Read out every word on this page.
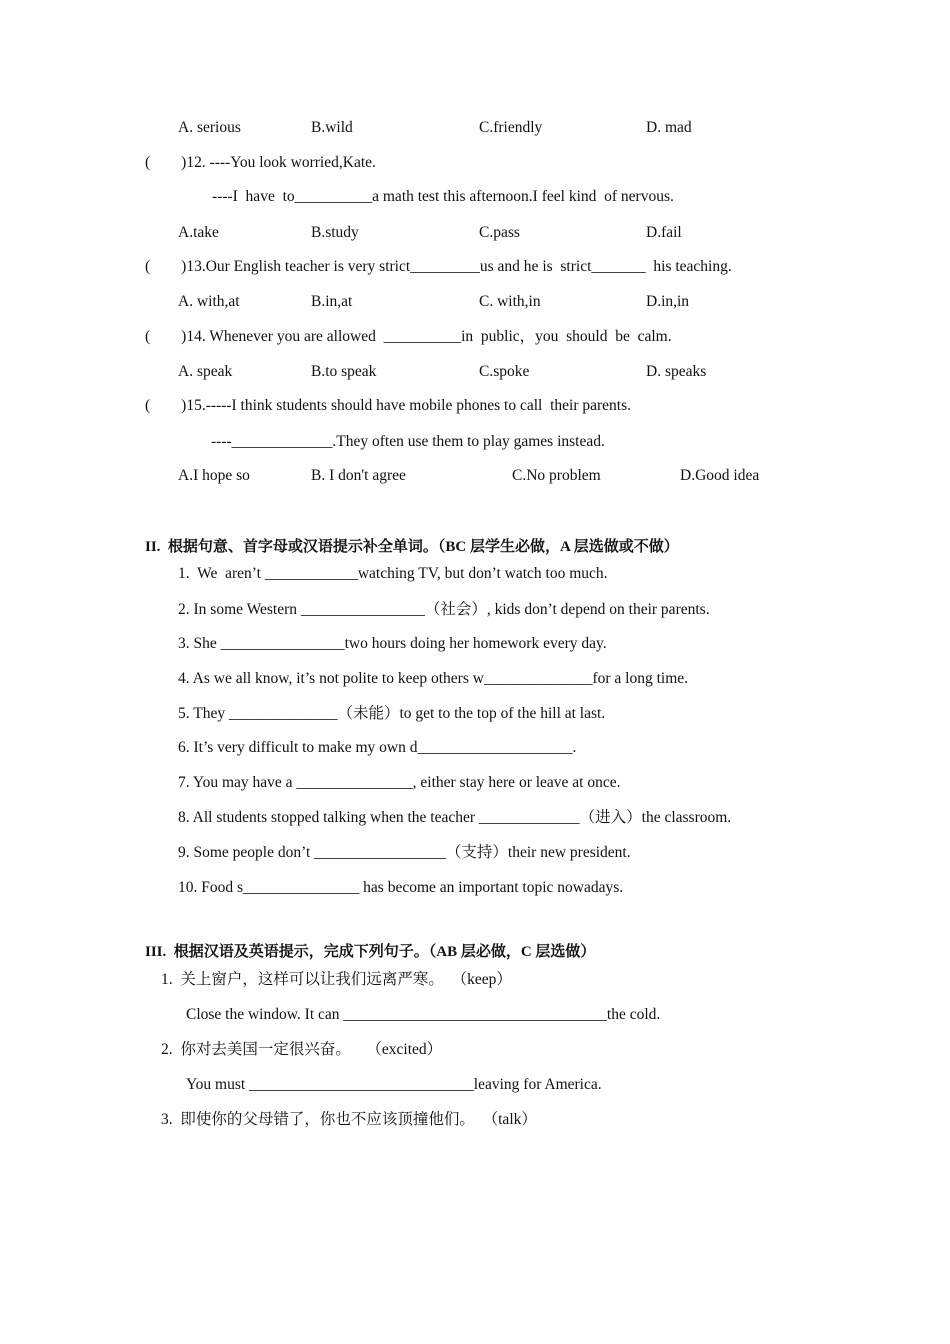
A. serious	B.wild	C.friendly	D. mad
(        )12. ----You look worried,Kate.
----I  have  to__________a math test this afternoon.I feel kind  of nervous.
A.take	B.study	C.pass	D.fail
(        )13.Our English teacher is very strict_________us and he is  strict_______  his teaching.
A. with,at	B.in,at	C. with,in	D.in,in
(        )14. Whenever you are allowed  __________in  public，you  should  be  calm.
A. speak	B.to speak	C.spoke	D. speaks
(        )15.-----I think students should have mobile phones to call  their parents.
----_____________.They often use them to play games instead.
A.I hope so	B. I don't agree	C.No problem	D.Good idea
II.  根据句意、首字母或汉语提示补全单词。（BC 层学生必做，A 层选做或不做）
1.  We  aren’t ____________watching TV, but don’t watch too much.
2. In some Western ________________（社会）, kids don’t depend on their parents.
3. She ________________two hours doing her homework every day.
4. As we all know, it’s not polite to keep others w______________for a long time.
5. They ______________（未能）to get to the top of the hill at last.
6. It’s very difficult to make my own d____________________.
7. You may have a _______________, either stay here or leave at once.
8. All students stopped talking when the teacher _____________（进入）the classroom.
9. Some people don’t _________________（支持）their new president.
10. Food s_______________ has become an important topic nowadays.
III.  根据汉语及英语提示，完成下列句子。（AB 层必做，C 层选做）
1.  关上窗户，这样可以让我们远离严寒。  （keep）
Close the window. It can __________________________________the cold.
2.  你对去美国一定很兴奋。    （excited）
You must _____________________________leaving for America.
3.  即使你的父母错了，你也不应该顶撞他们。  （talk）
